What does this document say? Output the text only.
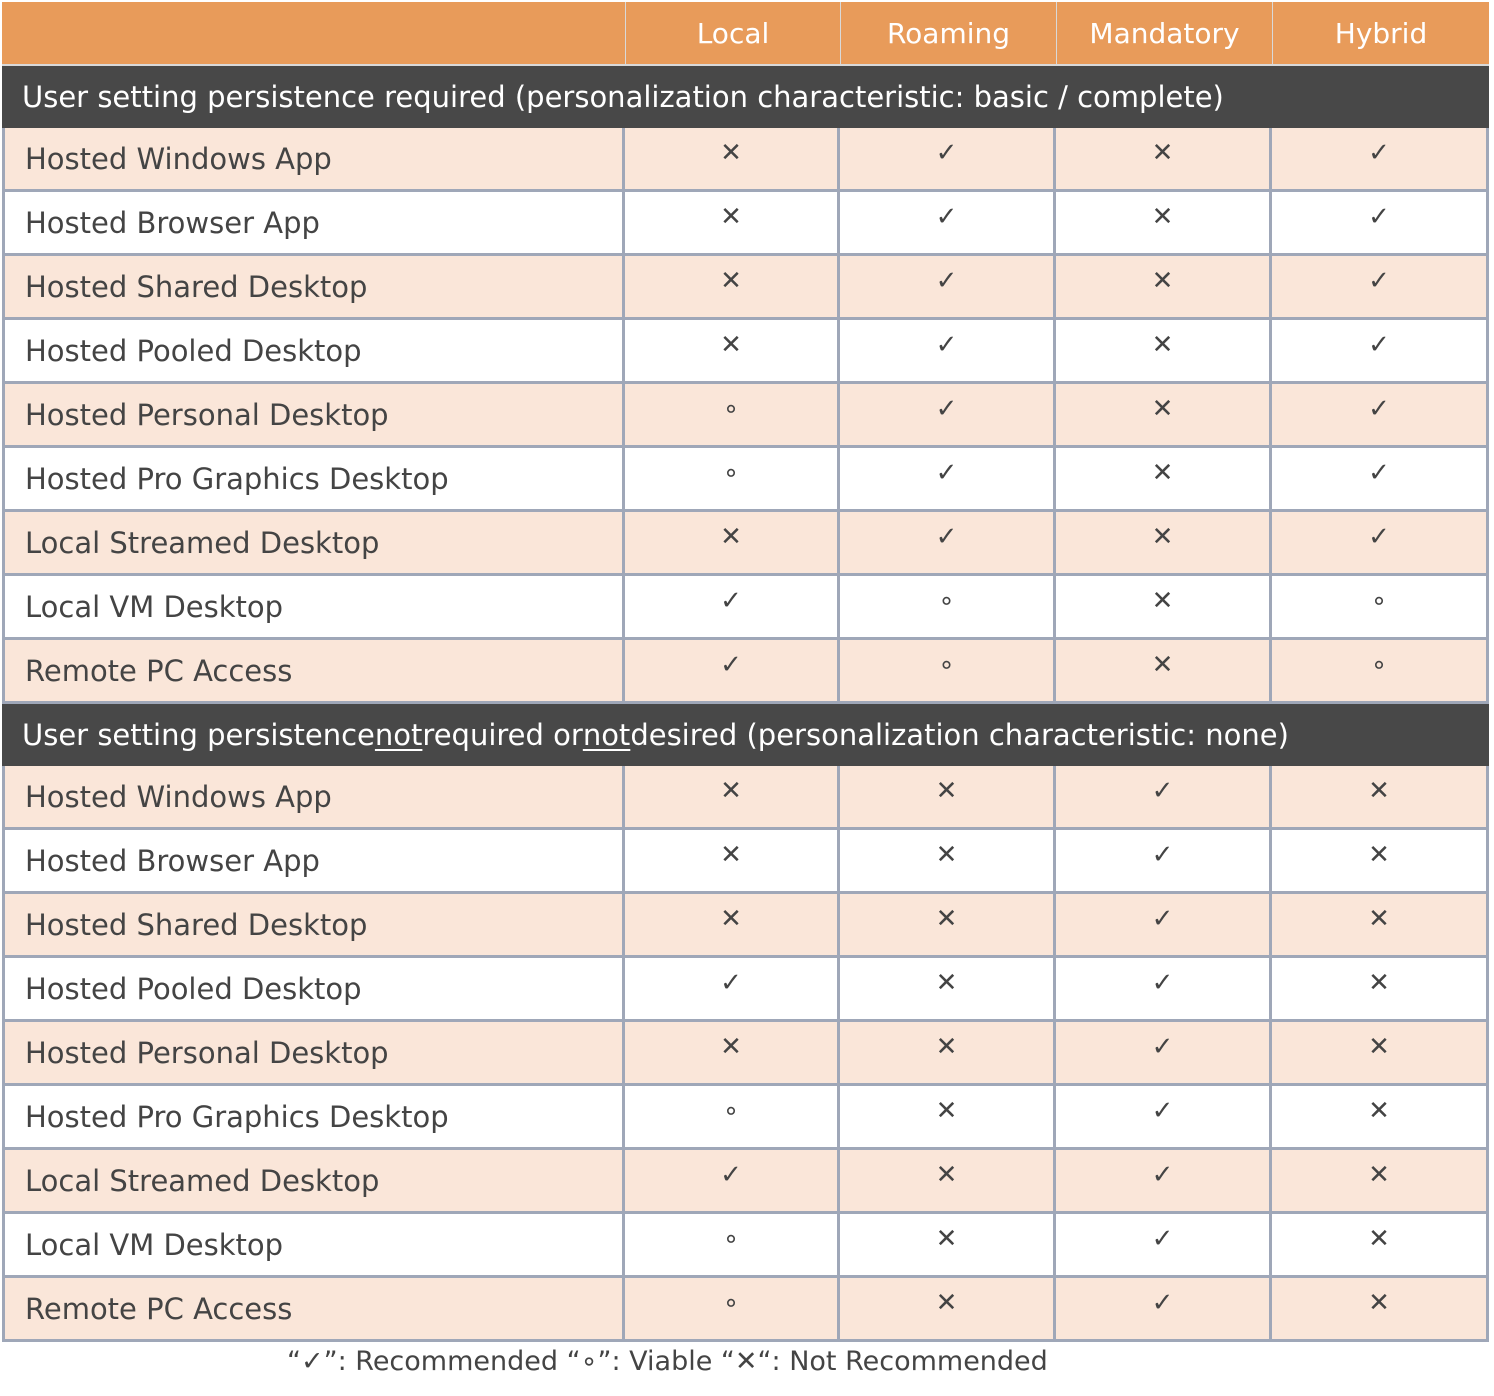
Local	Roaming	Mandatory	Hybrid
User setting persistence required (personalization characteristic: basic / complete)
Hosted Windows App	✕	✓	✕	✓
Hosted Browser App	✕	✓	✕	✓
Hosted Shared Desktop	✕	✓	✕	✓
Hosted Pooled Desktop	✕	✓	✕	✓
Hosted Personal Desktop	∘	✓	✕	✓
Hosted Pro Graphics Desktop	∘	✓	✕	✓
Local Streamed Desktop	✕	✓	✕	✓
Local VM Desktop	✓	∘	✕	∘
Remote PC Access	✓	∘	✕	∘
User setting persistence not required or not desired (personalization characteristic: none)
Hosted Windows App	✕	✕	✓	✕
Hosted Browser App	✕	✕	✓	✕
Hosted Shared Desktop	✕	✕	✓	✕
Hosted Pooled Desktop	✓	✕	✓	✕
Hosted Personal Desktop	✕	✕	✓	✕
Hosted Pro Graphics Desktop	∘	✕	✓	✕
Local Streamed Desktop	✓	✕	✓	✕
Local VM Desktop	∘	✕	✓	✕
Remote PC Access	∘	✕	✓	✕
“✓”: Recommended “∘”: Viable “✕“: Not Recommended
